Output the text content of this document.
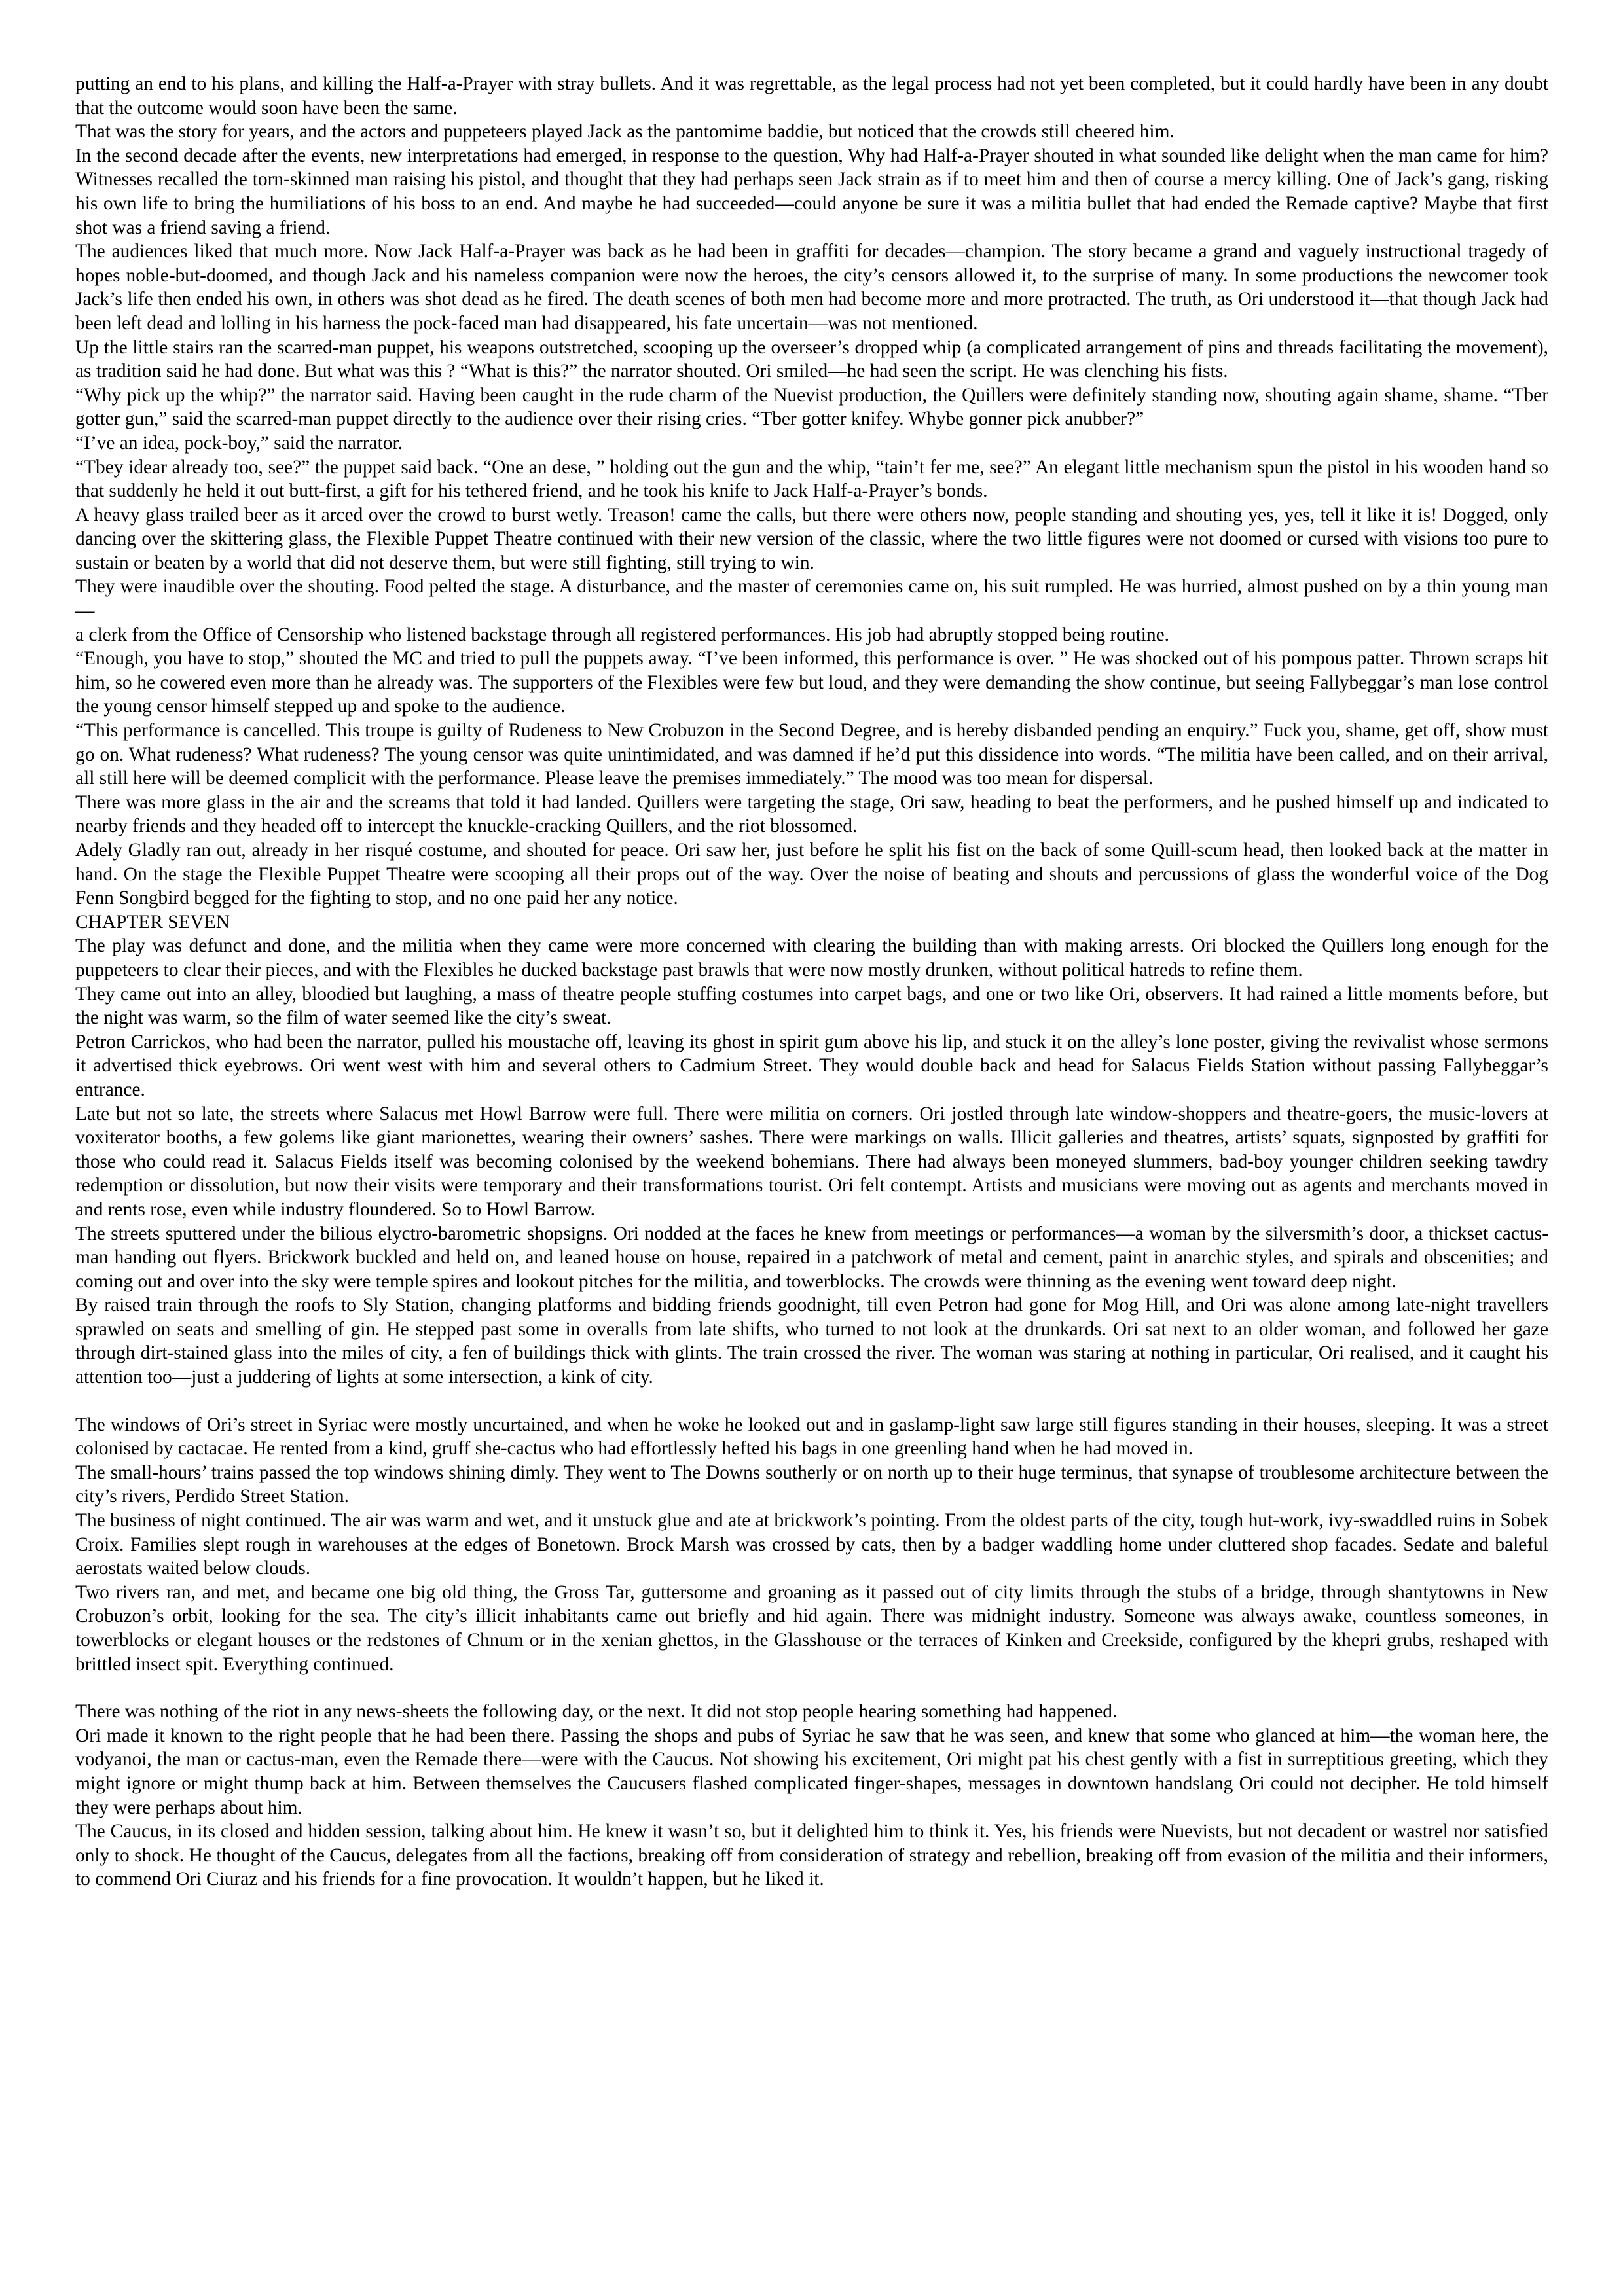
putting an end to his plans, and killing the Half-a-Prayer with stray bullets. And it was regrettable, as the legal process had not yet been completed, but it could hardly have been in any doubt that the outcome would soon have been the same.

That was the story for years, and the actors and puppeteers played Jack as the pantomime baddie, but noticed that the crowds still cheered him.

In the second decade after the events, new interpretations had emerged, in response to the question, Why had Half-a-Prayer shouted in what sounded like delight when the man came for him? Witnesses recalled the torn-skinned man raising his pistol, and thought that they had perhaps seen Jack strain as if to meet him and then of course a mercy killing. One of Jack’s gang, risking his own life to bring the humiliations of his boss to an end. And maybe he had succeeded—could anyone be sure it was a militia bullet that had ended the Remade captive? Maybe that first shot was a friend saving a friend.

The audiences liked that much more. Now Jack Half-a-Prayer was back as he had been in graffiti for decades—champion. The story became a grand and vaguely instructional tragedy of hopes noble-but-doomed, and though Jack and his nameless companion were now the heroes, the city’s censors allowed it, to the surprise of many. In some productions the newcomer took Jack’s life then ended his own, in others was shot dead as he fired. The death scenes of both men had become more and more protracted. The truth, as Ori understood it—that though Jack had been left dead and lolling in his harness the pock-faced man had disappeared, his fate uncertain—was not mentioned.

Up the little stairs ran the scarred-man puppet, his weapons outstretched, scooping up the overseer’s dropped whip (a complicated arrangement of pins and threads facilitating the movement), as tradition said he had done. But what was this ? “What is this?” the narrator shouted. Ori smiled—he had seen the script. He was clenching his fists.

“Why pick up the whip?” the narrator said. Having been caught in the rude charm of the Nuevist production, the Quillers were definitely standing now, shouting again shame, shame. “Tber gotter gun,” said the scarred-man puppet directly to the audience over their rising cries. “Tber gotter knifey. Whybe gonner pick anubber?”

“I’ve an idea, pock-boy,” said the narrator.

“Tbey idear already too, see?” the puppet said back. “One an dese, ” holding out the gun and the whip, “tain’t fer me, see?” An elegant little mechanism spun the pistol in his wooden hand so that suddenly he held it out butt-first, a gift for his tethered friend, and he took his knife to Jack Half-a-Prayer’s bonds.

A heavy glass trailed beer as it arced over the crowd to burst wetly. Treason! came the calls, but there were others now, people standing and shouting yes, yes, tell it like it is! Dogged, only dancing over the skittering glass, the Flexible Puppet Theatre continued with their new version of the classic, where the two little figures were not doomed or cursed with visions too pure to sustain or beaten by a world that did not deserve them, but were still fighting, still trying to win.

They were inaudible over the shouting. Food pelted the stage. A disturbance, and the master of ceremonies came on, his suit rumpled. He was hurried, almost pushed on by a thin young man—

a clerk from the Office of Censorship who listened backstage through all registered performances. His job had abruptly stopped being routine.

“Enough, you have to stop,” shouted the MC and tried to pull the puppets away. “I’ve been informed, this performance is over. ” He was shocked out of his pompous patter. Thrown scraps hit him, so he cowered even more than he already was. The supporters of the Flexibles were few but loud, and they were demanding the show continue, but seeing Fallybeggar’s man lose control the young censor himself stepped up and spoke to the audience.

“This performance is cancelled. This troupe is guilty of Rudeness to New Crobuzon in the Second Degree, and is hereby disbanded pending an enquiry.” Fuck you, shame, get off, show must go on. What rudeness? What rudeness? The young censor was quite unintimidated, and was damned if he’d put this dissidence into words. “The militia have been called, and on their arrival, all still here will be deemed complicit with the performance. Please leave the premises immediately.” The mood was too mean for dispersal.

There was more glass in the air and the screams that told it had landed. Quillers were targeting the stage, Ori saw, heading to beat the performers, and he pushed himself up and indicated to nearby friends and they headed off to intercept the knuckle-cracking Quillers, and the riot blossomed.

Adely Gladly ran out, already in her risqué costume, and shouted for peace. Ori saw her, just before he split his fist on the back of some Quill-scum head, then looked back at the matter in hand. On the stage the Flexible Puppet Theatre were scooping all their props out of the way. Over the noise of beating and shouts and percussions of glass the wonderful voice of the Dog Fenn Songbird begged for the fighting to stop, and no one paid her any notice.

CHAPTER SEVEN

The play was defunct and done, and the militia when they came were more concerned with clearing the building than with making arrests. Ori blocked the Quillers long enough for the puppeteers to clear their pieces, and with the Flexibles he ducked backstage past brawls that were now mostly drunken, without political hatreds to refine them.

They came out into an alley, bloodied but laughing, a mass of theatre people stuffing costumes into carpet bags, and one or two like Ori, observers. It had rained a little moments before, but the night was warm, so the film of water seemed like the city’s sweat.

Petron Carrickos, who had been the narrator, pulled his moustache off, leaving its ghost in spirit gum above his lip, and stuck it on the alley’s lone poster, giving the revivalist whose sermons it advertised thick eyebrows. Ori went west with him and several others to Cadmium Street. They would double back and head for Salacus Fields Station without passing Fallybeggar’s entrance.

Late but not so late, the streets where Salacus met Howl Barrow were full. There were militia on corners. Ori jostled through late window-shoppers and theatre-goers, the music-lovers at voxiterator booths, a few golems like giant marionettes, wearing their owners’ sashes. There were markings on walls. Illicit galleries and theatres, artists’ squats, signposted by graffiti for those who could read it. Salacus Fields itself was becoming colonised by the weekend bohemians. There had always been moneyed slummers, bad-boy younger children seeking tawdry redemption or dissolution, but now their visits were temporary and their transformations tourist. Ori felt contempt. Artists and musicians were moving out as agents and merchants moved in and rents rose, even while industry floundered. So to Howl Barrow.

The streets sputtered under the bilious elyctro-barometric shopsigns. Ori nodded at the faces he knew from meetings or performances—a woman by the silversmith’s door, a thickset cactus-man handing out flyers. Brickwork buckled and held on, and leaned house on house, repaired in a patchwork of metal and cement, paint in anarchic styles, and spirals and obscenities; and coming out and over into the sky were temple spires and lookout pitches for the militia, and towerblocks. The crowds were thinning as the evening went toward deep night.

By raised train through the roofs to Sly Station, changing platforms and bidding friends goodnight, till even Petron had gone for Mog Hill, and Ori was alone among late-night travellers sprawled on seats and smelling of gin. He stepped past some in overalls from late shifts, who turned to not look at the drunkards. Ori sat next to an older woman, and followed her gaze through dirt-stained glass into the miles of city, a fen of buildings thick with glints. The train crossed the river. The woman was staring at nothing in particular, Ori realised, and it caught his attention too—just a juddering of lights at some intersection, a kink of city.

The windows of Ori’s street in Syriac were mostly uncurtained, and when he woke he looked out and in gaslamp-light saw large still figures standing in their houses, sleeping. It was a street colonised by cactacae. He rented from a kind, gruff she-cactus who had effortlessly hefted his bags in one greenling hand when he had moved in.

The small-hours’ trains passed the top windows shining dimly. They went to The Downs southerly or on north up to their huge terminus, that synapse of troublesome architecture between the city’s rivers, Perdido Street Station.

The business of night continued. The air was warm and wet, and it unstuck glue and ate at brickwork’s pointing. From the oldest parts of the city, tough hut-work, ivy-swaddled ruins in Sobek Croix. Families slept rough in warehouses at the edges of Bonetown. Brock Marsh was crossed by cats, then by a badger waddling home under cluttered shop facades. Sedate and baleful aerostats waited below clouds.

Two rivers ran, and met, and became one big old thing, the Gross Tar, guttersome and groaning as it passed out of city limits through the stubs of a bridge, through shantytowns in New Crobuzon’s orbit, looking for the sea. The city’s illicit inhabitants came out briefly and hid again. There was midnight industry. Someone was always awake, countless someones, in towerblocks or elegant houses or the redstones of Chnum or in the xenian ghettos, in the Glasshouse or the terraces of Kinken and Creekside, configured by the khepri grubs, reshaped with brittled insect spit. Everything continued.

There was nothing of the riot in any news-sheets the following day, or the next. It did not stop people hearing something had happened.

Ori made it known to the right people that he had been there. Passing the shops and pubs of Syriac he saw that he was seen, and knew that some who glanced at him—the woman here, the vodyanoi, the man or cactus-man, even the Remade there—were with the Caucus. Not showing his excitement, Ori might pat his chest gently with a fist in surreptitious greeting, which they might ignore or might thump back at him. Between themselves the Caucusers flashed complicated finger-shapes, messages in downtown handslang Ori could not decipher. He told himself they were perhaps about him.

The Caucus, in its closed and hidden session, talking about him. He knew it wasn’t so, but it delighted him to think it. Yes, his friends were Nuevists, but not decadent or wastrel nor satisfied only to shock. He thought of the Caucus, delegates from all the factions, breaking off from consideration of strategy and rebellion, breaking off from evasion of the militia and their informers, to commend Ori Ciuraz and his friends for a fine provocation. It wouldn’t happen, but he liked it.
